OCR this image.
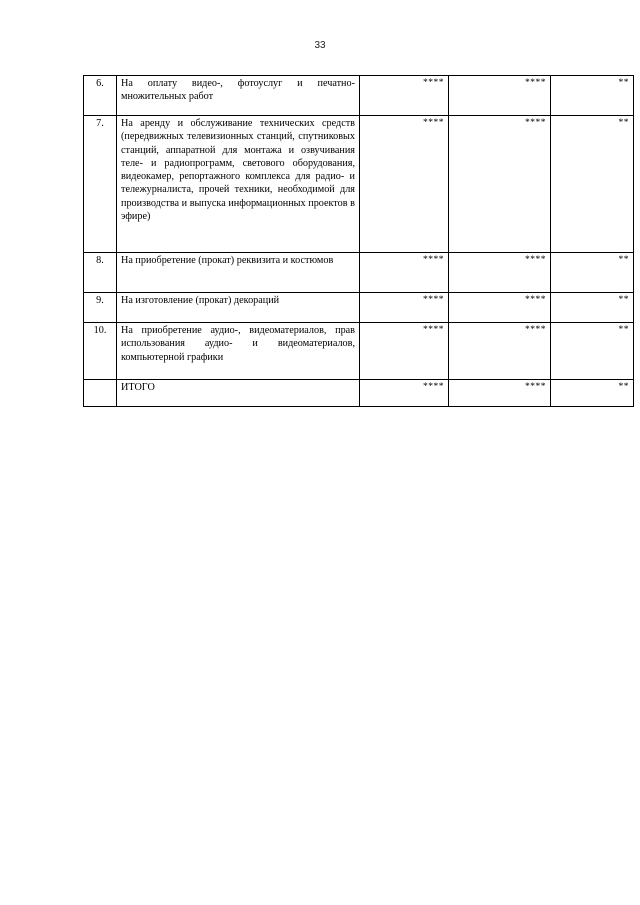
33
6.	На оплату видео-, фотоуслуг и печатно-множительных работ	****	****	**
7.	На аренду и обслуживание технических средств (передвижных телевизионных станций, спутниковых станций, аппаратной для монтажа и озвучивания теле- и радиопрограмм, светового оборудования, видеокамер, репортажного комплекса для радио- и тележурналиста, прочей техники, необходимой для производства и выпуска информационных проектов в эфире)	****	****	**
8.	На приобретение (прокат) реквизита и костюмов	****	****	**
9.	На изготовление (прокат) декораций	****	****	**
10.	На приобретение аудио-, видеоматериалов, прав использования аудио- и видеоматериалов, компьютерной графики	****	****	**
	ИТОГО	****	****	**
